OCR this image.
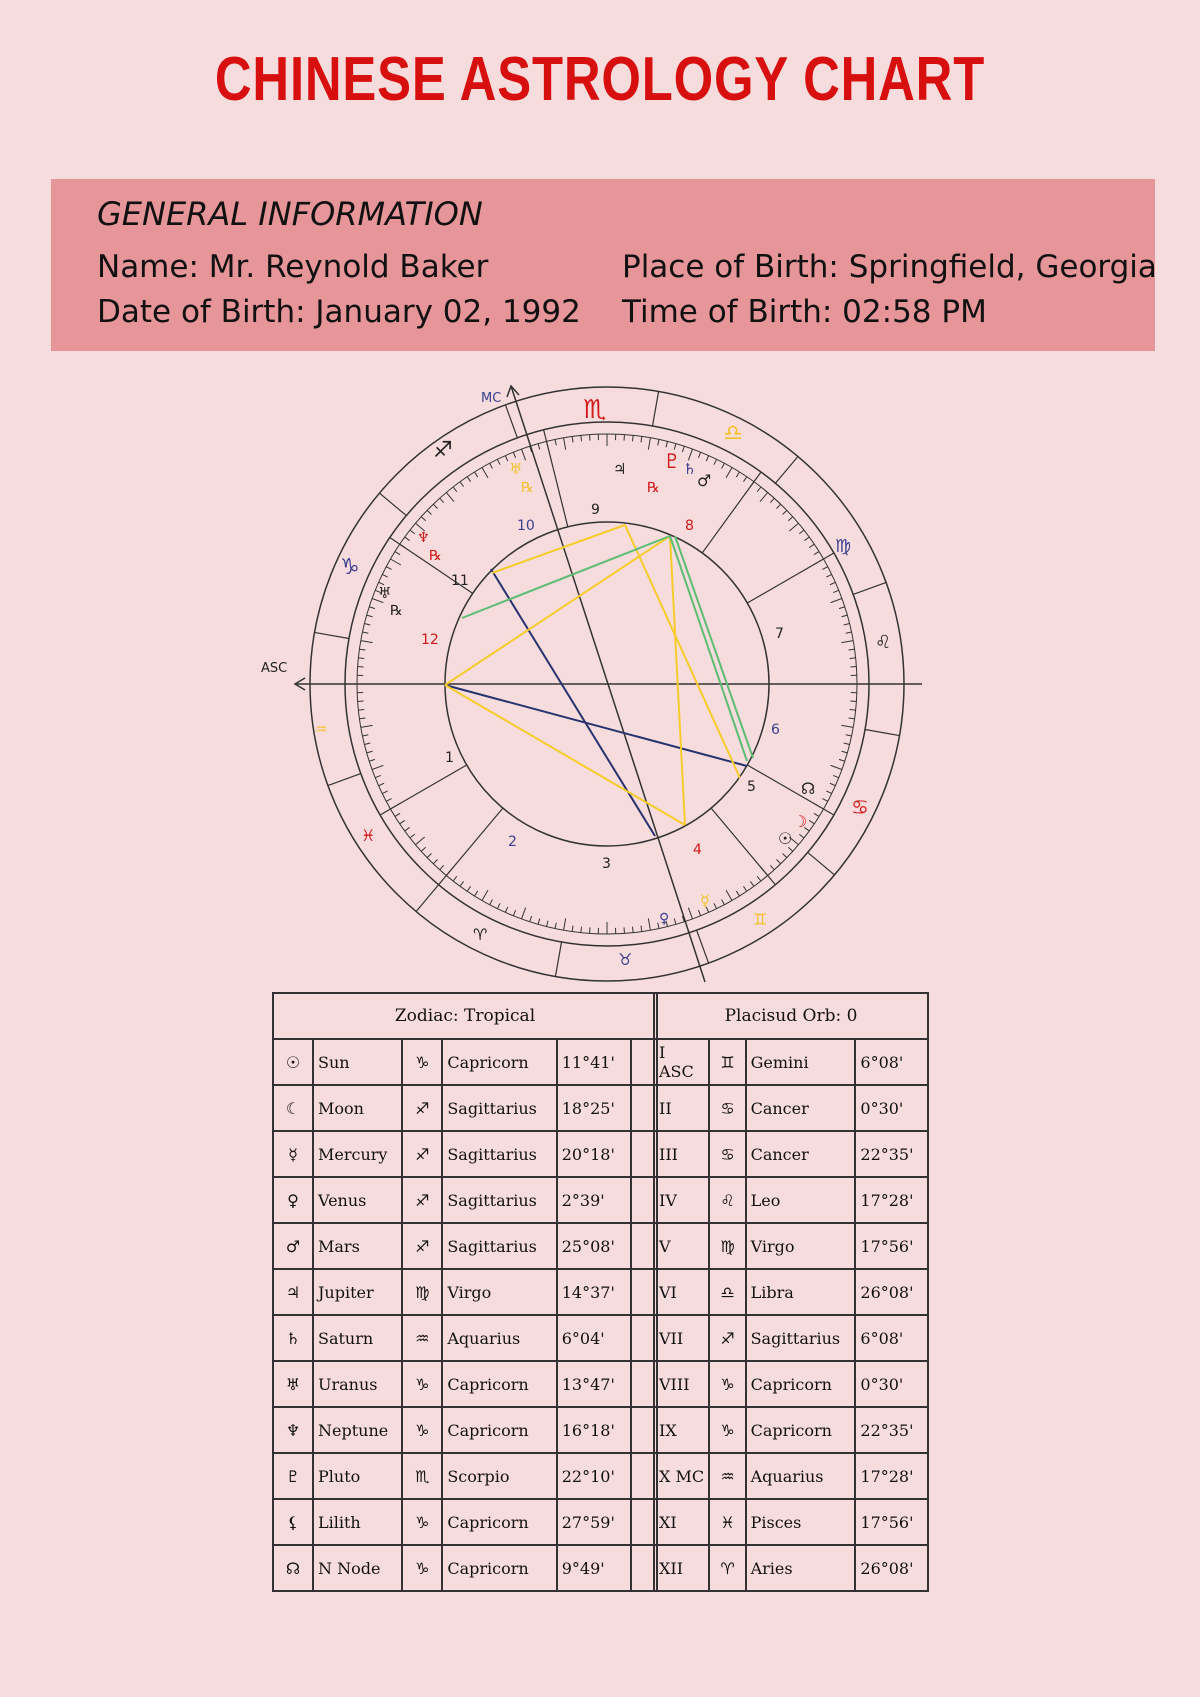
CHINESE ASTROLOGY CHART
GENERAL INFORMATION
Name: Mr. Reynold Baker
Date of Birth: January 02, 1992
Place of Birth: Springfield, Georgia
Time of Birth: 02:58 PM
ASC
MC
1
2
3
4
5
6
7
8
9
10
11
12
♏
♎
♍
♌
♋
♊
♉
♈
♓
♒
♑
♐
♃ ♇ ♄
♂
℞
♅
℞
♆
℞
♅
℞
☊
☽
☉
☿
♀
Zodiac: Tropical					
☉	Sun	♑	Capricorn	11°41'	
☾	Moon	♐	Sagittarius	18°25'	
☿	Mercury	♐	Sagittarius	20°18'	
♀	Venus	♐	Sagittarius	2°39'	
♂	Mars	♐	Sagittarius	25°08'	
♃	Jupiter	♍	Virgo	14°37'	
♄	Saturn	♒	Aquarius	6°04'	
♅	Uranus	♑	Capricorn	13°47'	
♆	Neptune	♑	Capricorn	16°18'	
♇	Pluto	♏	Scorpio	22°10'	
⚸	Lilith	♑	Capricorn	27°59'	
☊	N Node	♑	Capricorn	9°49'	
Placisud Orb: 0			
I ASC	♊	Gemini	6°08'
II	♋	Cancer	0°30'
III	♋	Cancer	22°35'
IV	♌	Leo	17°28'
V	♍	Virgo	17°56'
VI	♎	Libra	26°08'
VII	♐	Sagittarius	6°08'
VIII	♑	Capricorn	0°30'
IX	♑	Capricorn	22°35'
X MC	♒	Aquarius	17°28'
XI	♓	Pisces	17°56'
XII	♈	Aries	26°08'
